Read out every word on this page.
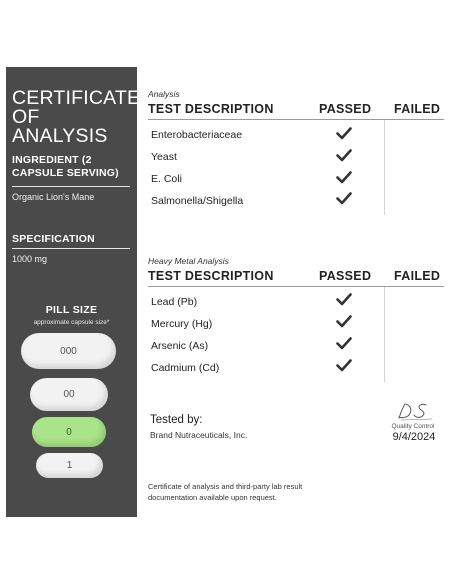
CERTIFICATE OF ANALYSIS
INGREDIENT (2 CAPSULE SERVING)
Organic Lion's Mane
SPECIFICATION
1000 mg
PILL SIZE
approximate capsule size*
000
00
0
1
Analysis
TEST DESCRIPTION	PASSED FAILED
Enterobacteriaceae
Yeast
E. Coli
Salmonella/Shigella
Heavy Metal Analysis
TEST DESCRIPTION	PASSED FAILED
Lead (Pb)
Mercury (Hg)
Arsenic (As)
Cadmium (Cd)
Tested by:
Brand Nutraceuticals, Inc.
Quality Control
9/4/2024
Certificate of analysis and third-party lab result documentation available upon request.
